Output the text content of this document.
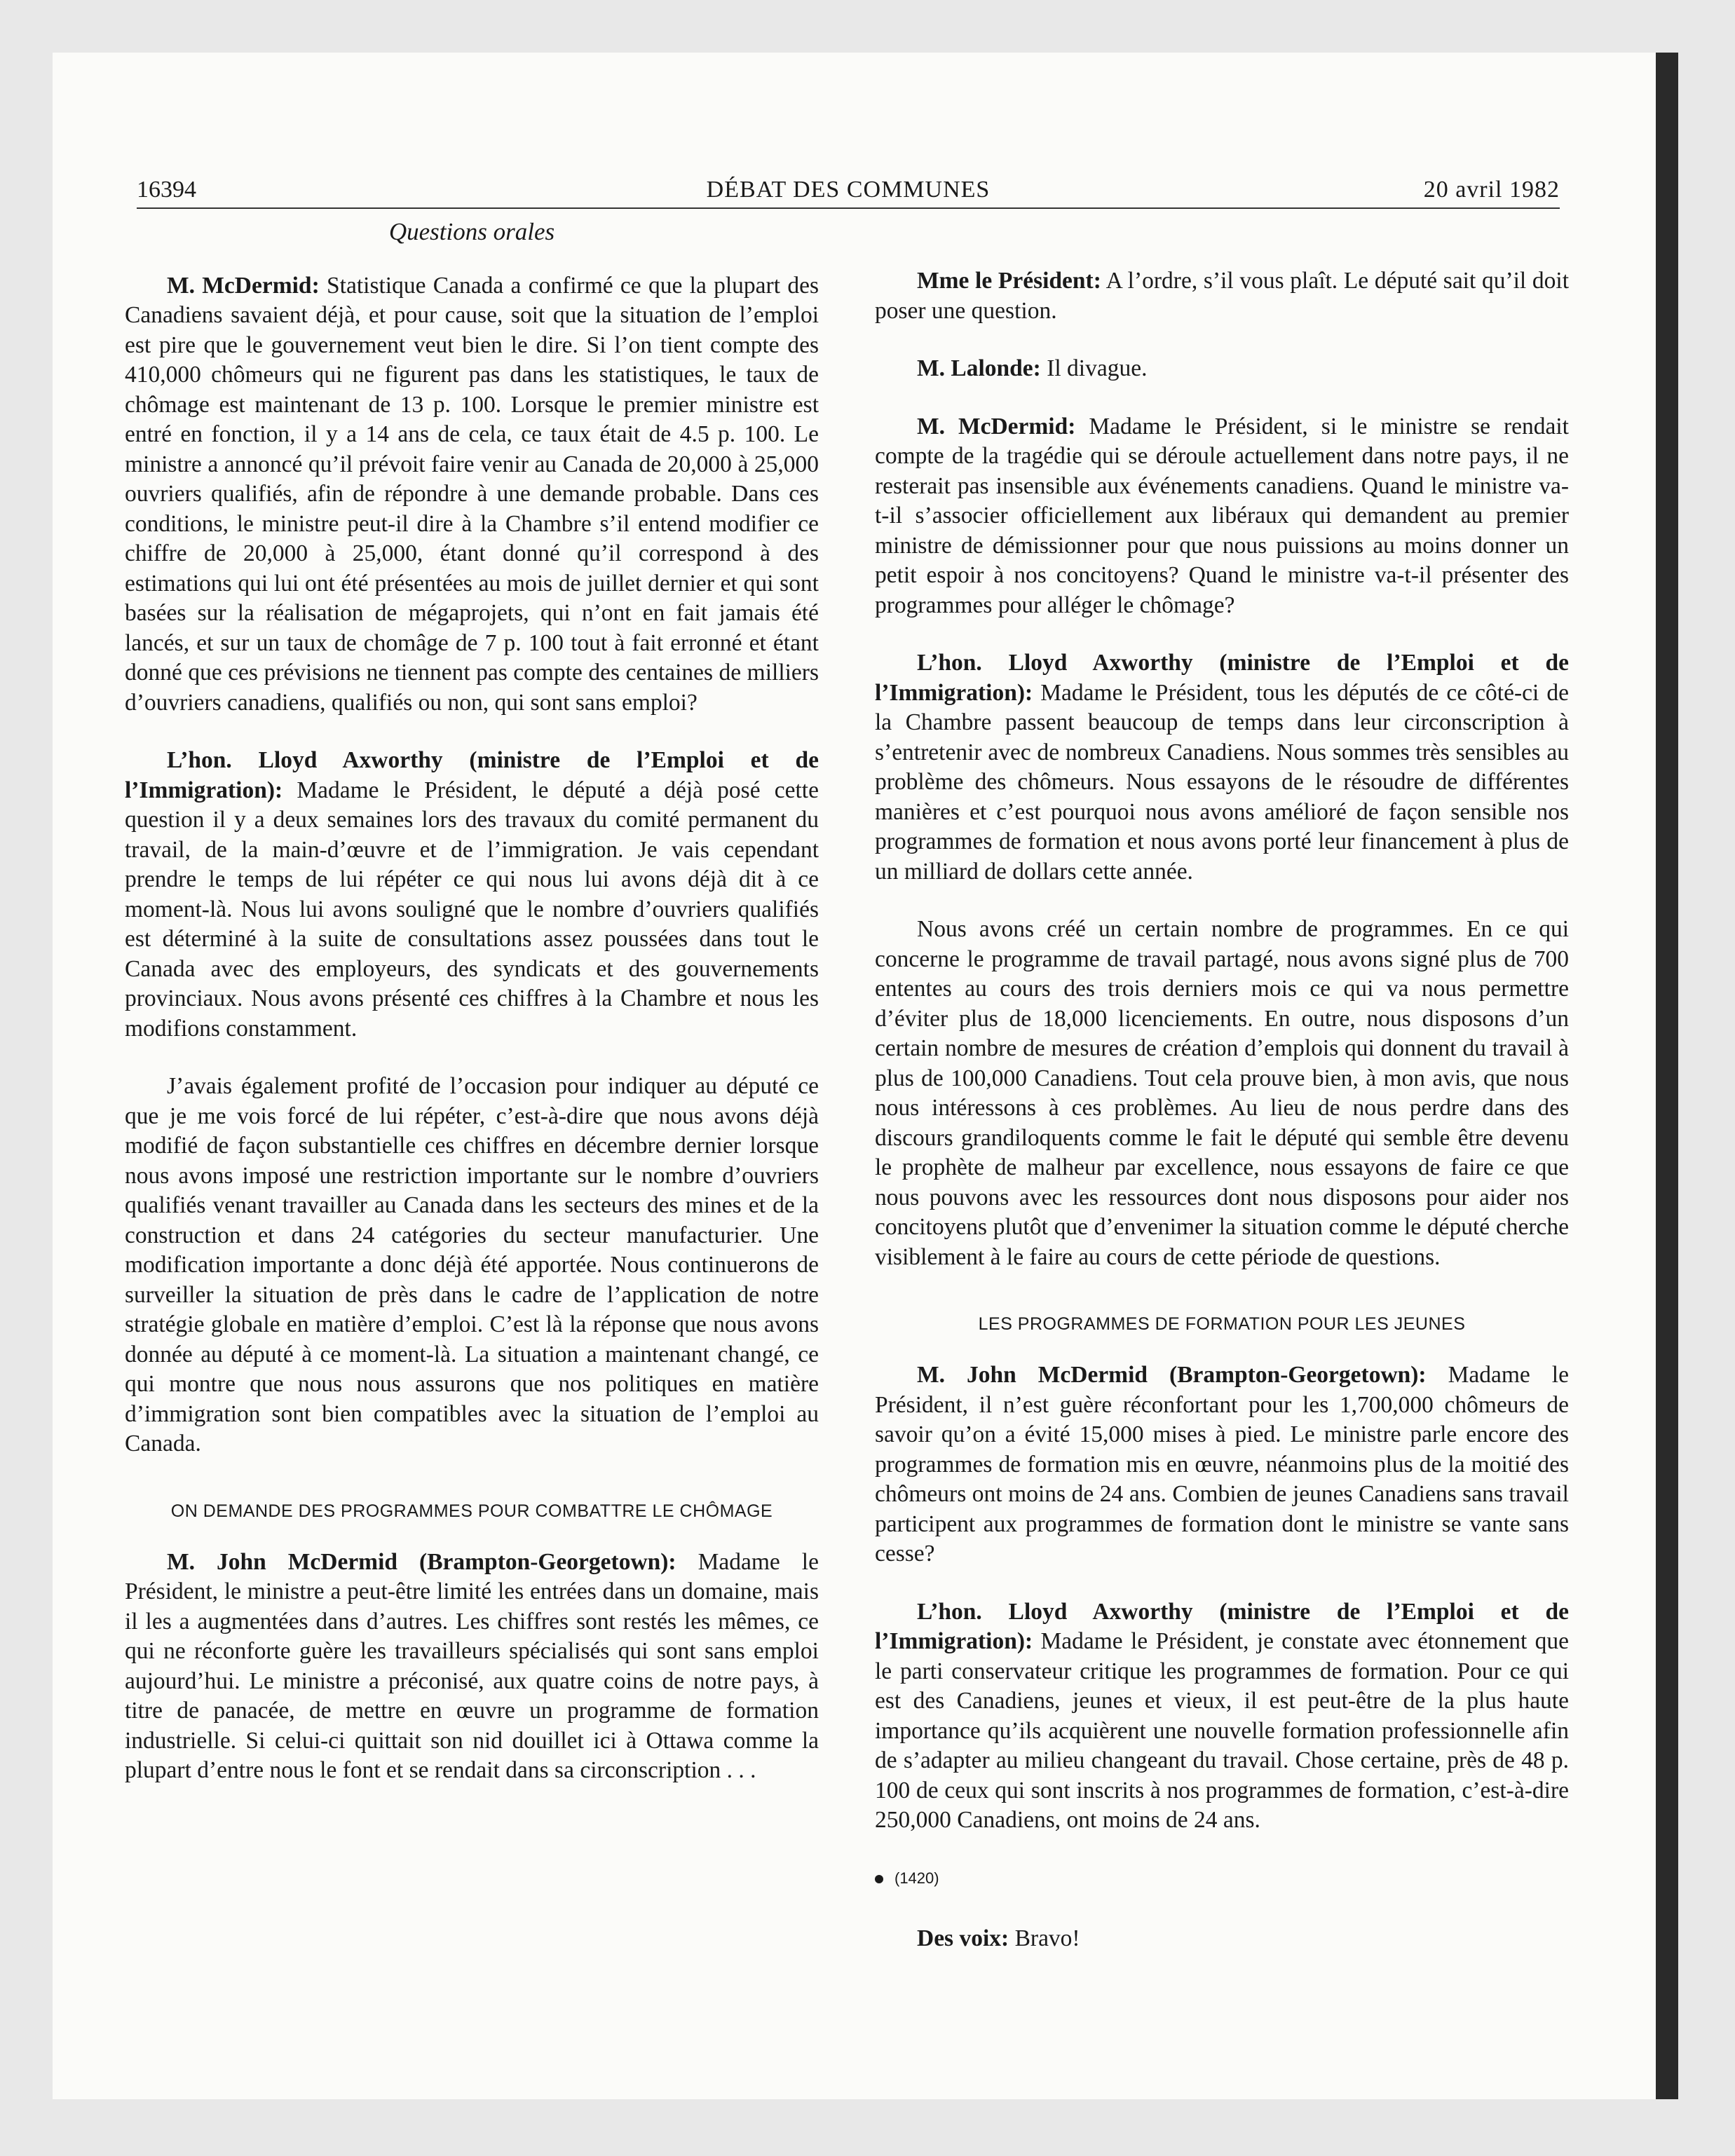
16394	DÉBAT DES COMMUNES	20 avril 1982
Questions orales

M. McDermid: Statistique Canada a confirmé ce que la plupart des Canadiens savaient déjà, et pour cause, soit que la situation de l’emploi est pire que le gouvernement veut bien le dire. Si l’on tient compte des 410,000 chômeurs qui ne figurent pas dans les statistiques, le taux de chômage est maintenant de 13 p. 100. Lorsque le premier ministre est entré en fonction, il y a 14 ans de cela, ce taux était de 4.5 p. 100. Le ministre a annoncé qu’il prévoit faire venir au Canada de 20,000 à 25,000 ouvriers qualifiés, afin de répondre à une demande probable. Dans ces conditions, le ministre peut-il dire à la Chambre s’il entend modifier ce chiffre de 20,000 à 25,000, étant donné qu’il correspond à des estimations qui lui ont été présentées au mois de juillet dernier et qui sont basées sur la réalisation de mégaprojets, qui n’ont en fait jamais été lancés, et sur un taux de chomâge de 7 p. 100 tout à fait erronné et étant donné que ces prévisions ne tiennent pas compte des centaines de milliers d’ouvriers canadiens, qualifiés ou non, qui sont sans emploi?

L’hon. Lloyd Axworthy (ministre de l’Emploi et de l’Immigration): Madame le Président, le député a déjà posé cette question il y a deux semaines lors des travaux du comité permanent du travail, de la main-d’œuvre et de l’immigration. Je vais cependant prendre le temps de lui répéter ce qui nous lui avons déjà dit à ce moment-là. Nous lui avons souligné que le nombre d’ouvriers qualifiés est déterminé à la suite de consultations assez poussées dans tout le Canada avec des employeurs, des syndicats et des gouvernements provinciaux. Nous avons présenté ces chiffres à la Chambre et nous les modifions constamment.

J’avais également profité de l’occasion pour indiquer au député ce que je me vois forcé de lui répéter, c’est-à-dire que nous avons déjà modifié de façon substantielle ces chiffres en décembre dernier lorsque nous avons imposé une restriction importante sur le nombre d’ouvriers qualifiés venant travailler au Canada dans les secteurs des mines et de la construction et dans 24 catégories du secteur manufacturier. Une modification importante a donc déjà été apportée. Nous continuerons de surveiller la situation de près dans le cadre de l’application de notre stratégie globale en matière d’emploi. C’est là la réponse que nous avons donnée au député à ce moment-là. La situation a maintenant changé, ce qui montre que nous nous assurons que nos politiques en matière d’immigration sont bien compatibles avec la situation de l’emploi au Canada.

ON DEMANDE DES PROGRAMMES POUR COMBATTRE LE CHÔMAGE

M. John McDermid (Brampton-Georgetown): Madame le Président, le ministre a peut-être limité les entrées dans un domaine, mais il les a augmentées dans d’autres. Les chiffres sont restés les mêmes, ce qui ne réconforte guère les travailleurs spécialisés qui sont sans emploi aujourd’hui. Le ministre a préconisé, aux quatre coins de notre pays, à titre de panacée, de mettre en œuvre un programme de formation industrielle. Si celui-ci quittait son nid douillet ici à Ottawa comme la plupart d’entre nous le font et se rendait dans sa circonscription . . .

Mme le Président: A l’ordre, s’il vous plaît. Le député sait qu’il doit poser une question.

M. Lalonde: Il divague.

M. McDermid: Madame le Président, si le ministre se rendait compte de la tragédie qui se déroule actuellement dans notre pays, il ne resterait pas insensible aux événements canadiens. Quand le ministre va-t-il s’associer officiellement aux libéraux qui demandent au premier ministre de démissionner pour que nous puissions au moins donner un petit espoir à nos concitoyens? Quand le ministre va-t-il présenter des programmes pour alléger le chômage?

L’hon. Lloyd Axworthy (ministre de l’Emploi et de l’Immigration): Madame le Président, tous les députés de ce côté-ci de la Chambre passent beaucoup de temps dans leur circonscription à s’entretenir avec de nombreux Canadiens. Nous sommes très sensibles au problème des chômeurs. Nous essayons de le résoudre de différentes manières et c’est pourquoi nous avons amélioré de façon sensible nos programmes de formation et nous avons porté leur financement à plus de un milliard de dollars cette année.

Nous avons créé un certain nombre de programmes. En ce qui concerne le programme de travail partagé, nous avons signé plus de 700 ententes au cours des trois derniers mois ce qui va nous permettre d’éviter plus de 18,000 licenciements. En outre, nous disposons d’un certain nombre de mesures de création d’emplois qui donnent du travail à plus de 100,000 Canadiens. Tout cela prouve bien, à mon avis, que nous nous intéressons à ces problèmes. Au lieu de nous perdre dans des discours grandiloquents comme le fait le député qui semble être devenu le prophète de malheur par excellence, nous essayons de faire ce que nous pouvons avec les ressources dont nous disposons pour aider nos concitoyens plutôt que d’envenimer la situation comme le député cherche visiblement à le faire au cours de cette période de questions.

LES PROGRAMMES DE FORMATION POUR LES JEUNES

M. John McDermid (Brampton-Georgetown): Madame le Président, il n’est guère réconfortant pour les 1,700,000 chômeurs de savoir qu’on a évité 15,000 mises à pied. Le ministre parle encore des programmes de formation mis en œuvre, néanmoins plus de la moitié des chômeurs ont moins de 24 ans. Combien de jeunes Canadiens sans travail participent aux programmes de formation dont le ministre se vante sans cesse?

L’hon. Lloyd Axworthy (ministre de l’Emploi et de l’Immigration): Madame le Président, je constate avec étonnement que le parti conservateur critique les programmes de formation. Pour ce qui est des Canadiens, jeunes et vieux, il est peut-être de la plus haute importance qu’ils acquièrent une nouvelle formation professionnelle afin de s’adapter au milieu changeant du travail. Chose certaine, près de 48 p. 100 de ceux qui sont inscrits à nos programmes de formation, c’est-à-dire 250,000 Canadiens, ont moins de 24 ans.

(1420)

Des voix: Bravo!
